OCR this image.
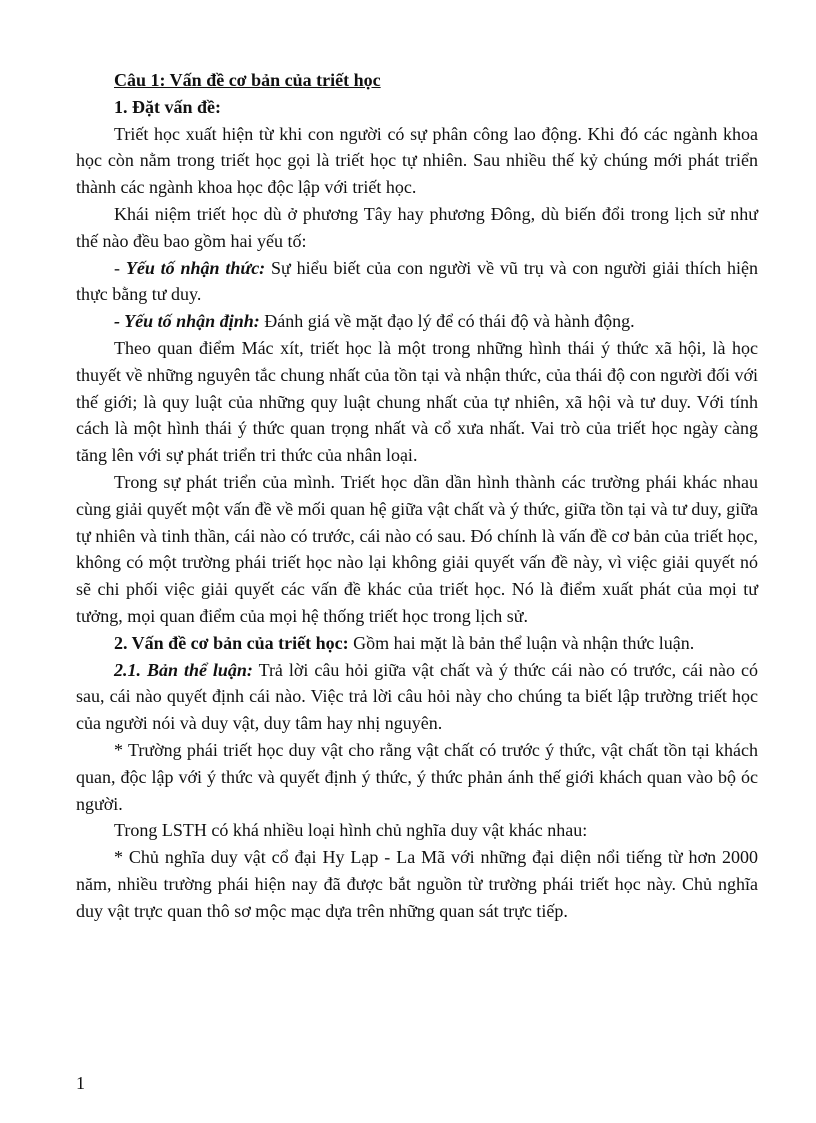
Câu 1: Vấn đề cơ bản của triết học

1. Đặt vấn đề:

Triết học xuất hiện từ khi con người có sự phân công lao động. Khi đó các ngành khoa học còn nằm trong triết học gọi là triết học tự nhiên. Sau nhiều thế kỷ chúng mới phát triển thành các ngành khoa học độc lập với triết học.

Khái niệm triết học dù ở phương Tây hay phương Đông, dù biến đổi trong lịch sử như thế nào đều bao gồm hai yếu tố:

- Yếu tố nhận thức: Sự hiểu biết của con người về vũ trụ và con người giải thích hiện thực bằng tư duy.

- Yếu tố nhận định: Đánh giá về mặt đạo lý để có thái độ và hành động.

Theo quan điểm Mác xít, triết học là một trong những hình thái ý thức xã hội, là học thuyết về những nguyên tắc chung nhất của tồn tại và nhận thức, của thái độ con người đối với thế giới; là quy luật của những quy luật chung nhất của tự nhiên, xã hội và tư duy. Với tính cách là một hình thái ý thức quan trọng nhất và cổ xưa nhất. Vai trò của triết học ngày càng tăng lên với sự phát triển tri thức của nhân loại.

Trong sự phát triển của mình. Triết học dần dần hình thành các trường phái khác nhau cùng giải quyết một vấn đề về mối quan hệ giữa vật chất và ý thức, giữa tồn tại và tư duy, giữa tự nhiên và tinh thần, cái nào có trước, cái nào có sau. Đó chính là vấn đề cơ bản của triết học, không có một trường phái triết học nào lại không giải quyết vấn đề này, vì việc giải quyết nó sẽ chi phối việc giải quyết các vấn đề khác của triết học. Nó là điểm xuất phát của mọi tư tưởng, mọi quan điểm của mọi hệ thống triết học trong lịch sử.

2. Vấn đề cơ bản của triết học: Gồm hai mặt là bản thể luận và nhận thức luận.

2.1. Bản thể luận: Trả lời câu hỏi giữa vật chất và ý thức cái nào có trước, cái nào có sau, cái nào quyết định cái nào. Việc trả lời câu hỏi này cho chúng ta biết lập trường triết học của người nói và duy vật, duy tâm hay nhị nguyên.

* Trường phái triết học duy vật cho rằng vật chất có trước ý thức, vật chất tồn tại khách quan, độc lập với ý thức và quyết định ý thức, ý thức phản ánh thế giới khách quan vào bộ óc người.

Trong LSTH có khá nhiều loại hình chủ nghĩa duy vật khác nhau:

* Chủ nghĩa duy vật cổ đại Hy Lạp - La Mã với những đại diện nổi tiếng từ hơn 2000 năm, nhiều trường phái hiện nay đã được bắt nguồn từ trường phái triết học này. Chủ nghĩa duy vật trực quan thô sơ mộc mạc dựa trên những quan sát trực tiếp.

1
